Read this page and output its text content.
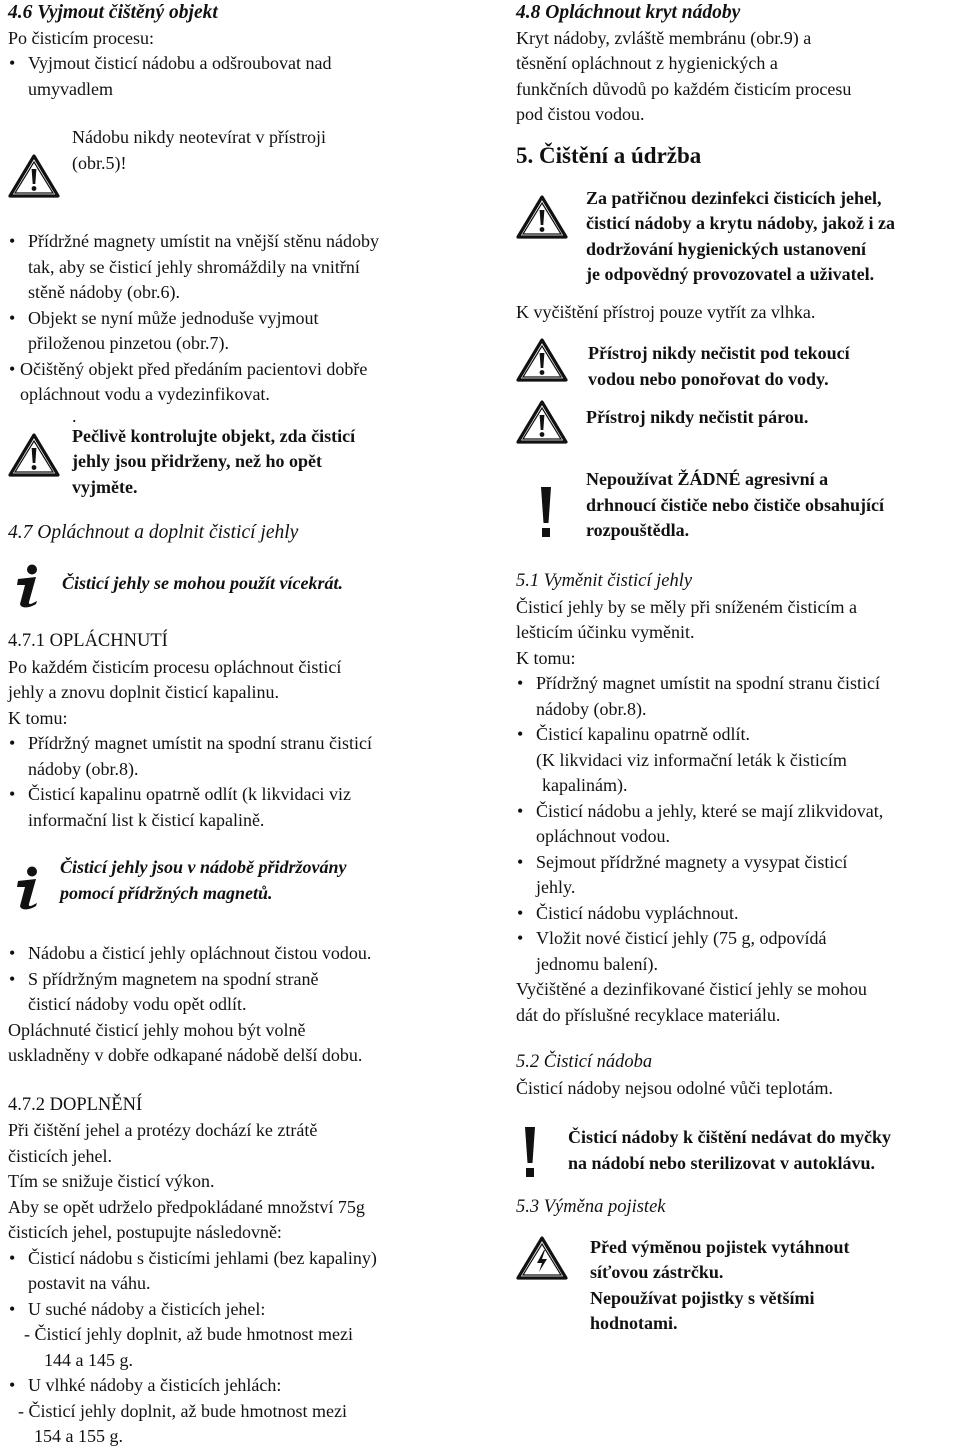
4.6 Vyjmout čištěný objekt

Po čisticím procesu:

• Vyjmout čisticí nádobu a odšroubovat nad
umyvadlem
Nádobu nikdy neotevírat v přístroji
(obr.5)!
• Přídržné magnety umístit na vnější stěnu nádoby
tak, aby se čisticí jehly shromáždily na vnitřní
stěně nádoby (obr.6).
• Objekt se nyní může jednoduše vyjmout
přiloženou pinzetou (obr.7).
• Očištěný objekt před předáním pacientovi dobře
opláchnout vodu a vydezinfikovat.
.
Pečlivě kontrolujte objekt, zda čisticí
jehly jsou přidrženy, než ho opět
vyjměte.
4.7 Opláchnout a doplnit čisticí jehly
Čisticí jehly se mohou použít vícekrát.
4.7.1 OPLÁCHNUTÍ

Po každém čisticím procesu opláchnout čisticí
jehly a znovu doplnit čisticí kapalinu.
K tomu:

• Přídržný magnet umístit na spodní stranu čisticí
nádoby (obr.8).
• Čisticí kapalinu opatrně odlít (k likvidaci viz
informační list k čisticí kapalině.
Čisticí jehly jsou v nádobě přidržovány
pomocí přídržných magnetů.
• Nádobu a čisticí jehly opláchnout čistou vodou.
• S přídržným magnetem na spodní straně
čisticí nádoby vodu opět odlít.

Opláchnuté čisticí jehly mohou být volně
uskladněny v dobře odkapané nádobě delší dobu.

4.7.2 DOPLNĚNÍ

Při čištění jehel a protézy dochází ke ztrátě
čisticích jehel.
Tím se snižuje čisticí výkon.
Aby se opět udrželo předpokládané množství 75g
čisticích jehel, postupujte následovně:

• Čisticí nádobu s čisticími jehlami (bez kapaliny)
postavit na váhu.
• U suché nádoby a čisticích jehel:
- Čisticí jehly doplnit, až bude hmotnost mezi
144 a 145 g.
• U vlhké nádoby a čisticích jehlách:
- Čisticí jehly doplnit, až bude hmotnost mezi
154 a 155 g.
4.8 Opláchnout kryt nádoby

Kryt nádoby, zvláště membránu (obr.9) a
těsnění opláchnout z hygienických a
funkčních důvodů po každém čisticím procesu
pod čistou vodou.

5. Čištění a údržba
Za patřičnou dezinfekci čisticích jehel,
čisticí nádoby a krytu nádoby, jakož i za
dodržování hygienických ustanovení
je odpovědný provozovatel a uživatel.

K vyčištění přístroj pouze vytřít za vlhka.

Přístroj nikdy nečistit pod tekoucí
vodou nebo ponořovat do vody.
Přístroj nikdy nečistit párou.
Nepoužívat ŽÁDNÉ agresivní a
drhnoucí čističe nebo čističe obsahující
rozpouštědla.
5.1 Vyměnit čisticí jehly

Čisticí jehly by se měly při sníženém čisticím a
lešticím účinku vyměnit.
K tomu:

• Přídržný magnet umístit na spodní stranu čisticí
nádoby (obr.8).
• Čisticí kapalinu opatrně odlít.
(K likvidaci viz informační leták k čisticím
kapalinám).
• Čisticí nádobu a jehly, které se mají zlikvidovat,
opláchnout vodou.
• Sejmout přídržné magnety a vysypat čisticí
jehly.
• Čisticí nádobu vypláchnout.
• Vložit nové čisticí jehly (75 g, odpovídá
jednomu balení).

Vyčištěné a dezinfikované čisticí jehly se mohou
dát do příslušné recyklace materiálu.

5.2 Čisticí nádoba

Čisticí nádoby nejsou odolné vůči teplotám.

Čisticí nádoby k čištění nedávat do myčky
na nádobí nebo sterilizovat v autoklávu.
5.3 Výměna pojistek
Před výměnou pojistek vytáhnout
síťovou zástrčku.
Nepoužívat pojistky s většími
hodnotami.
